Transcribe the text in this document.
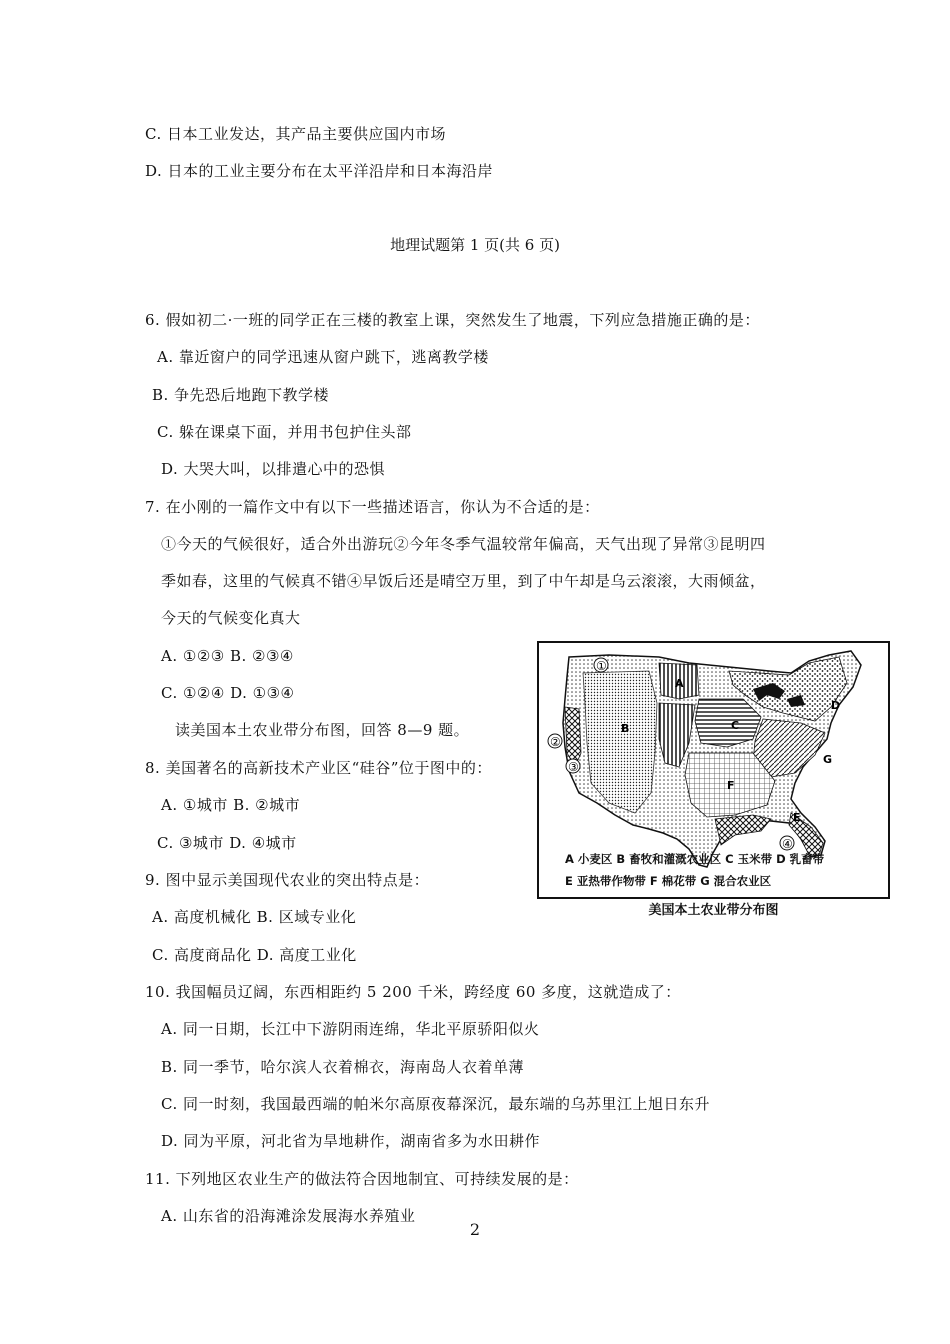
C. 日本工业发达，其产品主要供应国内市场
D. 日本的工业主要分布在太平洋沿岸和日本海沿岸
地理试题第 1 页(共 6 页)
6. 假如初二·一班的同学正在三楼的教室上课，突然发生了地震，下列应急措施正确的是：
A. 靠近窗户的同学迅速从窗户跳下，逃离教学楼
B. 争先恐后地跑下教学楼
C. 躲在课桌下面，并用书包护住头部
D. 大哭大叫，以排遣心中的恐惧
7. 在小刚的一篇作文中有以下一些描述语言，你认为不合适的是：
①今天的气候很好，适合外出游玩②今年冬季气温较常年偏高，天气出现了异常③昆明四
季如春，这里的气候真不错④早饭后还是晴空万里，到了中午却是乌云滚滚，大雨倾盆，
今天的气候变化真大
A. ①②③ B. ②③④
C. ①②④ D. ①③④
读美国本土农业带分布图，回答 8—9 题。
8. 美国著名的高新技术产业区“硅谷”位于图中的：
A. ①城市 B. ②城市
C. ③城市 D. ④城市
9. 图中显示美国现代农业的突出特点是：
A. 高度机械化 B. 区域专业化
C. 高度商品化 D. 高度工业化
10. 我国幅员辽阔，东西相距约 5 200 千米，跨经度 60 多度，这就造成了：
A. 同一日期，长江中下游阴雨连绵，华北平原骄阳似火
B. 同一季节，哈尔滨人衣着棉衣，海南岛人衣着单薄
C. 同一时刻，我国最西端的帕米尔高原夜幕深沉，最东端的乌苏里江上旭日东升
D. 同为平原，河北省为旱地耕作，湖南省多为水田耕作
11. 下列地区农业生产的做法符合因地制宜、可持续发展的是：
A. 山东省的沿海滩涂发展海水养殖业
2
B	C
D
G
F
E
A
①
②
③
④
A 小麦区 B 畜牧和灌溉农业区 C 玉米带 D 乳畜带
E 亚热带作物带 F 棉花带 G 混合农业区
美国本土农业带分布图
